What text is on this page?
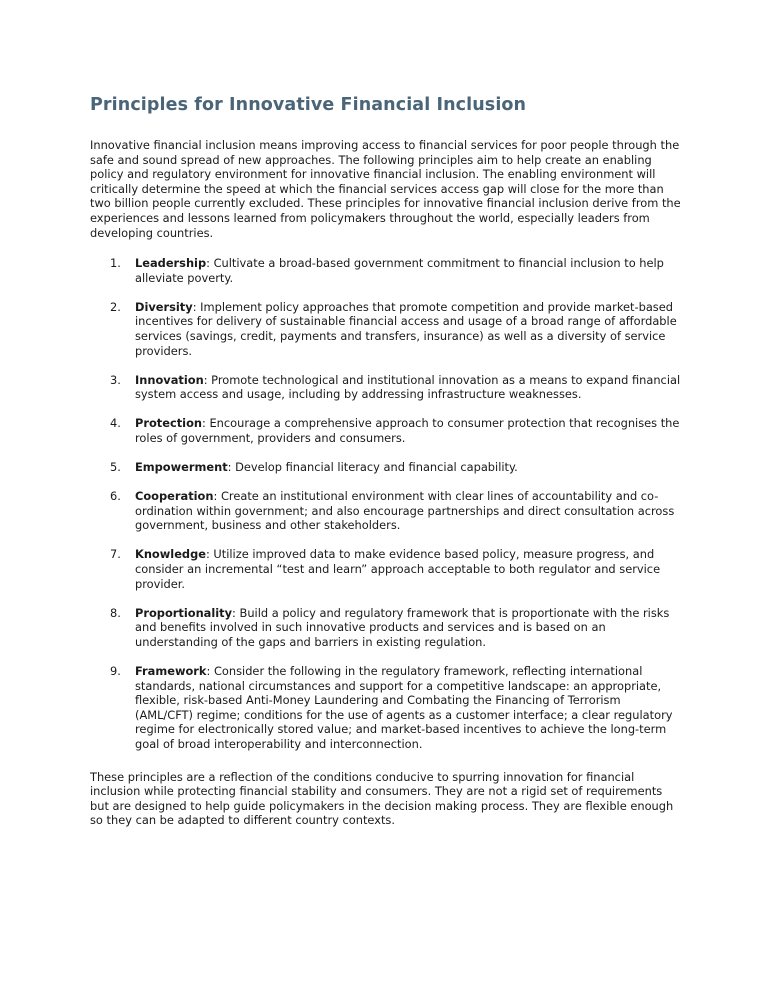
Principles for Innovative Financial Inclusion

Innovative financial inclusion means improving access to financial services for poor people through the safe and sound spread of new approaches. The following principles aim to help create an enabling policy and regulatory environment for innovative financial inclusion. The enabling environment will critically determine the speed at which the financial services access gap will close for the more than two billion people currently excluded. These principles for innovative financial inclusion derive from the experiences and lessons learned from policymakers throughout the world, especially leaders from developing countries.

1. Leadership: Cultivate a broad-based government commitment to financial inclusion to help alleviate poverty.
2. Diversity: Implement policy approaches that promote competition and provide market-based incentives for delivery of sustainable financial access and usage of a broad range of affordable services (savings, credit, payments and transfers, insurance) as well as a diversity of service providers.
3. Innovation: Promote technological and institutional innovation as a means to expand financial system access and usage, including by addressing infrastructure weaknesses.
4. Protection: Encourage a comprehensive approach to consumer protection that recognises the roles of government, providers and consumers.
5. Empowerment: Develop financial literacy and financial capability.
6. Cooperation: Create an institutional environment with clear lines of accountability and co-ordination within government; and also encourage partnerships and direct consultation across government, business and other stakeholders.
7. Knowledge: Utilize improved data to make evidence based policy, measure progress, and consider an incremental “test and learn” approach acceptable to both regulator and service provider.
8. Proportionality: Build a policy and regulatory framework that is proportionate with the risks and benefits involved in such innovative products and services and is based on an understanding of the gaps and barriers in existing regulation.
9. Framework: Consider the following in the regulatory framework, reflecting international standards, national circumstances and support for a competitive landscape: an appropriate, flexible, risk-based Anti-Money Laundering and Combating the Financing of Terrorism (AML/CFT) regime; conditions for the use of agents as a customer interface; a clear regulatory regime for electronically stored value; and market-based incentives to achieve the long-term goal of broad interoperability and interconnection.

These principles are a reflection of the conditions conducive to spurring innovation for financial inclusion while protecting financial stability and consumers. They are not a rigid set of requirements but are designed to help guide policymakers in the decision making process. They are flexible enough so they can be adapted to different country contexts.
